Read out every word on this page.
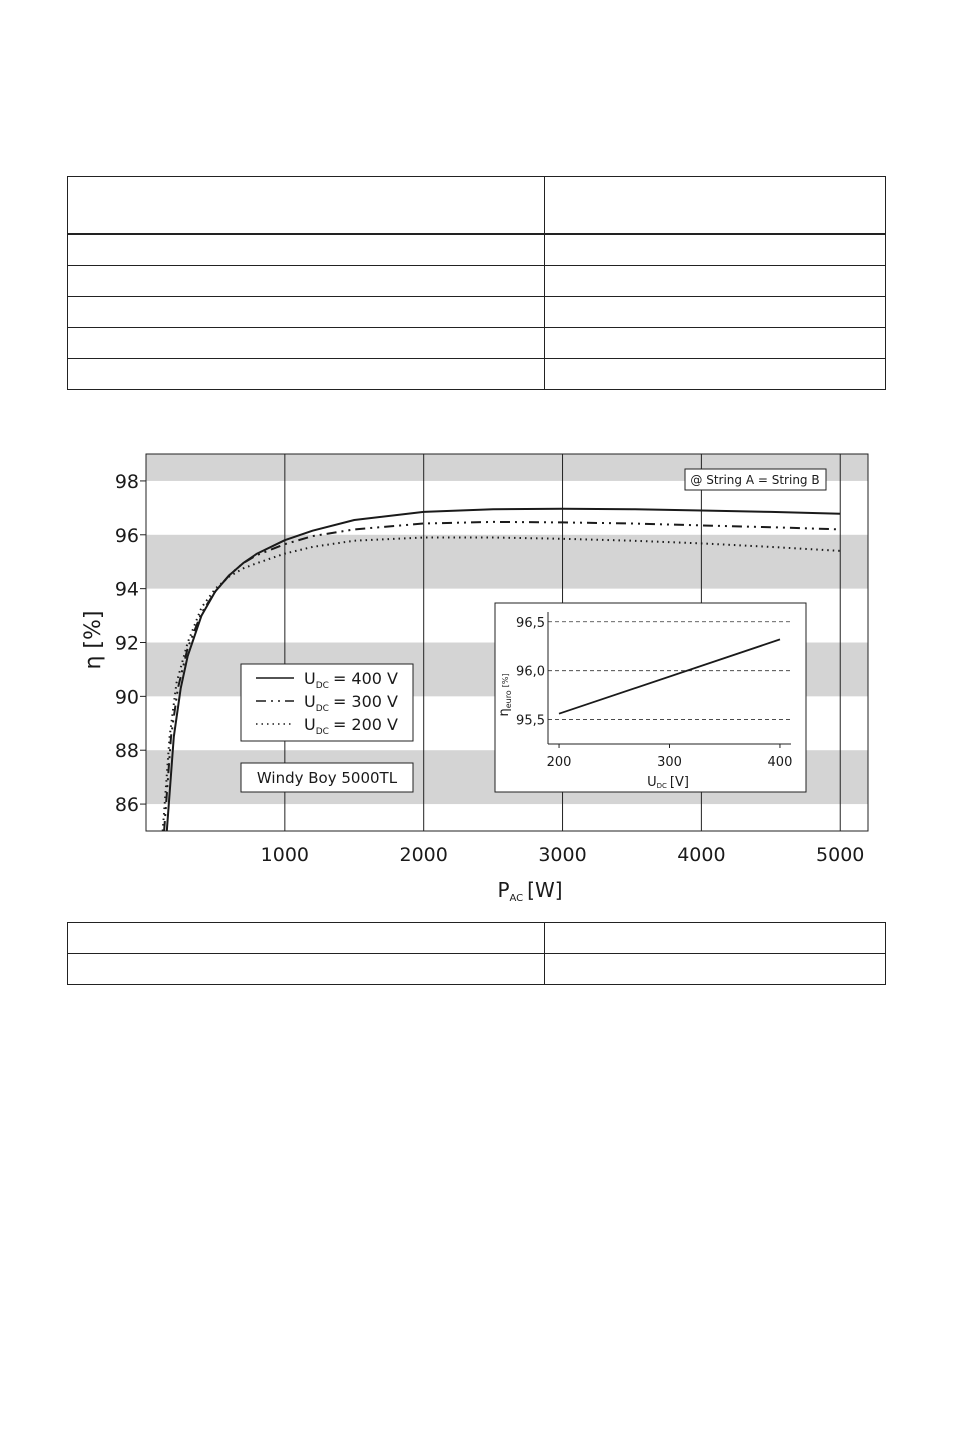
86
88
90
92
94
96
98
1000	2000	3000	4000	5000
η [%]
$P_{AC}$ [W]
@ String A = String B
$U_{DC} = 400$ V
$U_{DC} = 300$ V
$U_{DC} = 200$ V
Windy Boy 5000TL
95,5
96,0
96,5
200	300	400
$\eta_{euro}[\%]$
UDC [V]
